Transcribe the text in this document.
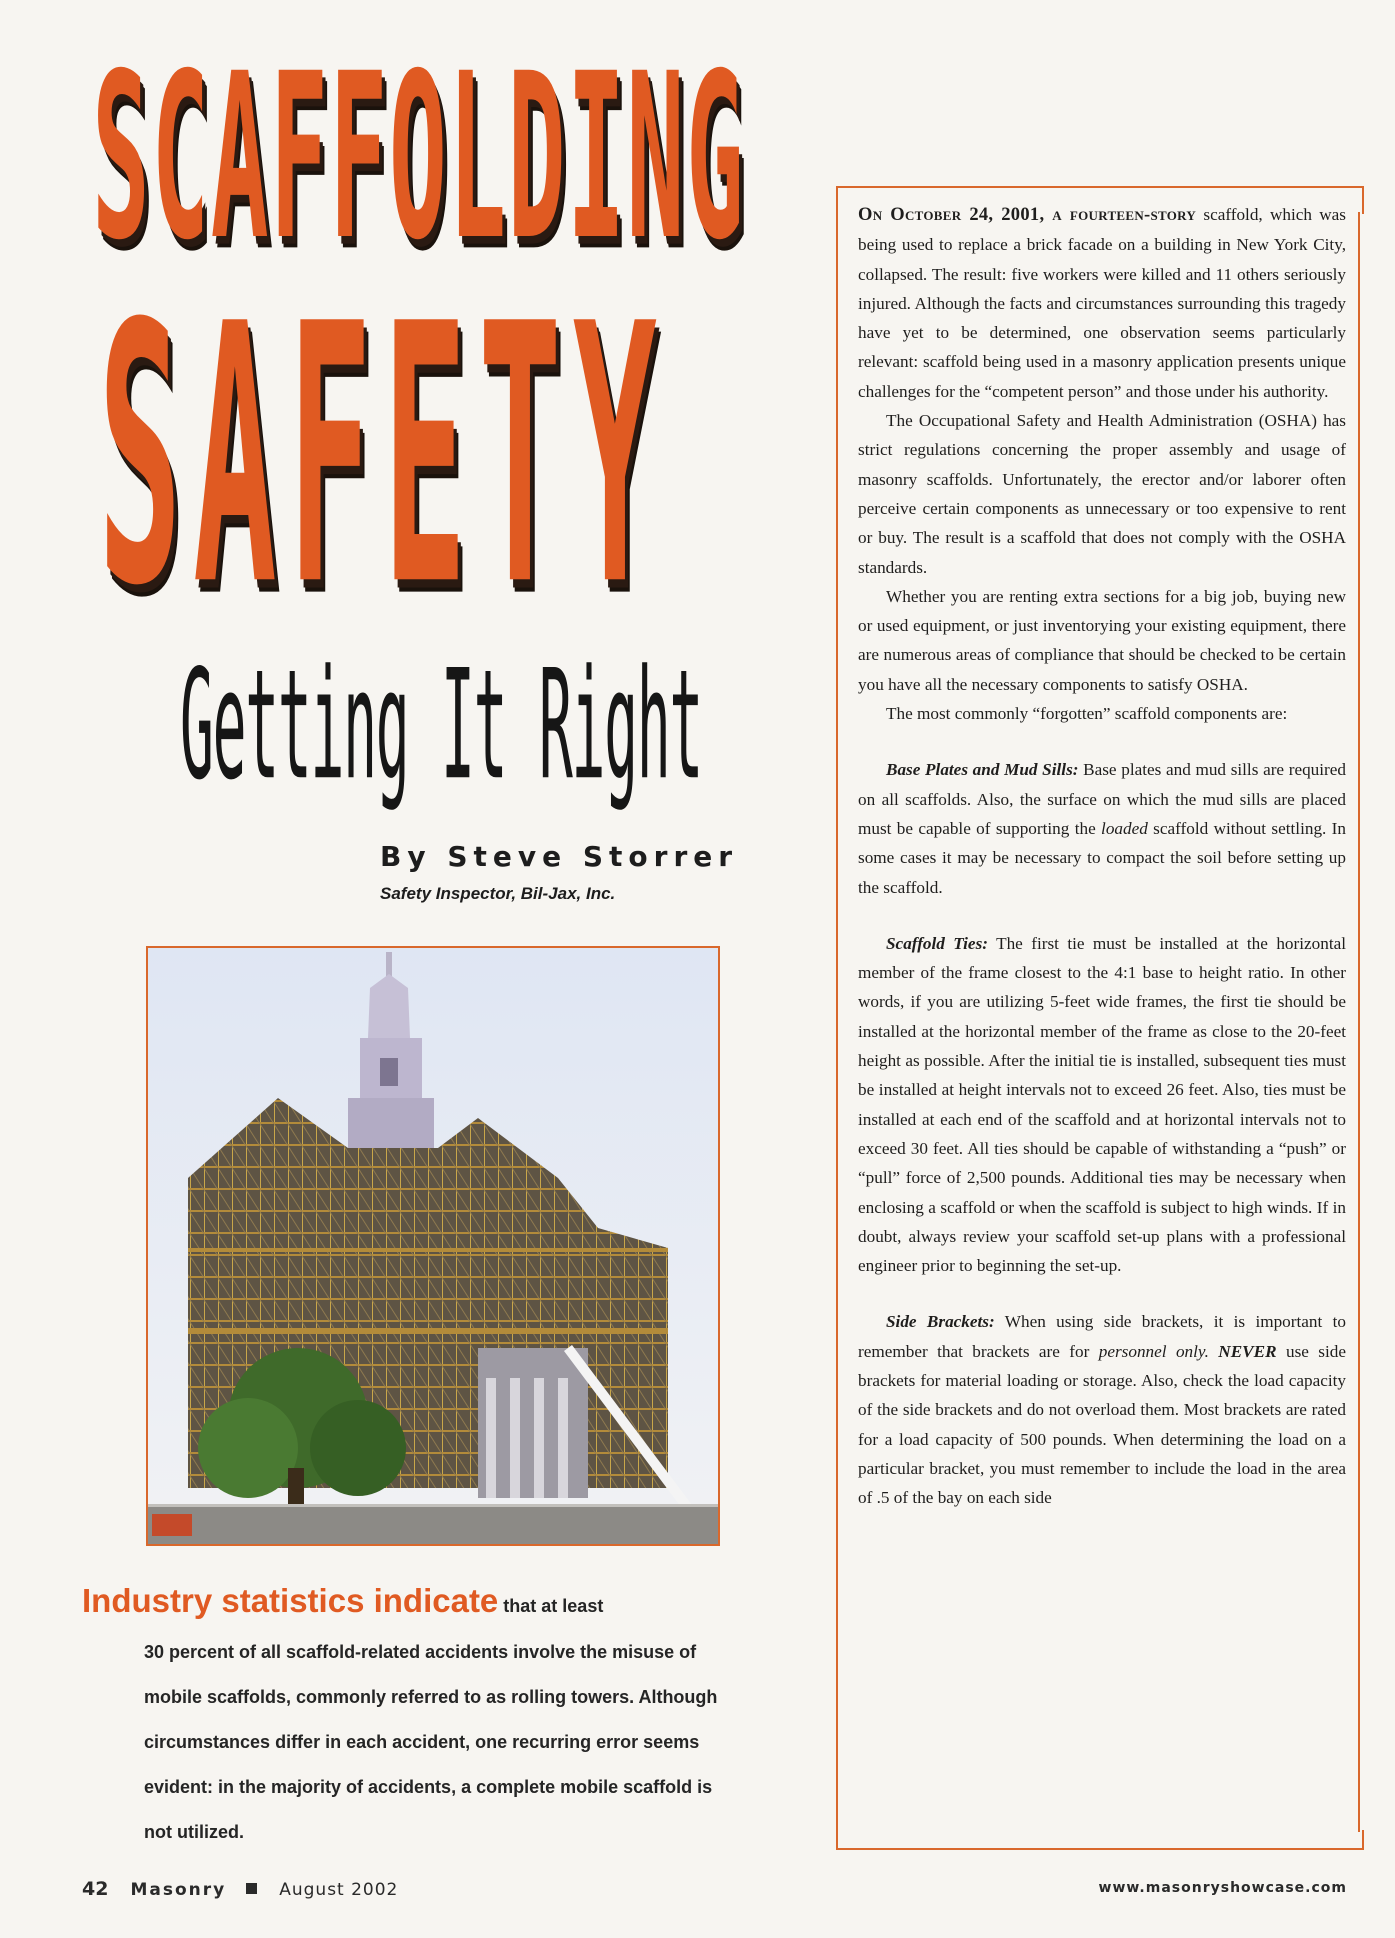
SCAFFOLDING
SAFETY
Getting It Right
By Steve Storrer
Safety Inspector, Bil-Jax, Inc.

Industry statistics indicate that at least

30 percent of all scaffold-related accidents involve the misuse of mobile scaffolds, commonly referred to as rolling towers. Although circumstances differ in each accident, one recurring error seems evident: in the majority of accidents, a complete mobile scaffold is not utilized.

On October 24, 2001, a fourteen-story scaffold, which was being used to replace a brick facade on a building in New York City, collapsed. The result: five workers were killed and 11 others seriously injured. Although the facts and circumstances surrounding this tragedy have yet to be determined, one observation seems particularly relevant: scaffold being used in a masonry application presents unique challenges for the “competent person” and those under his authority.

The Occupational Safety and Health Administration (OSHA) has strict regulations concerning the proper assembly and usage of masonry scaffolds. Unfortunately, the erector and/or laborer often perceive certain components as unnecessary or too expensive to rent or buy. The result is a scaffold that does not comply with the OSHA standards.

Whether you are renting extra sections for a big job, buying new or used equipment, or just inventorying your existing equipment, there are numerous areas of compliance that should be checked to be certain you have all the necessary components to satisfy OSHA.

The most commonly “forgotten” scaffold components are:

Base Plates and Mud Sills: Base plates and mud sills are required on all scaffolds. Also, the surface on which the mud sills are placed must be capable of supporting the loaded scaffold without settling. In some cases it may be necessary to compact the soil before setting up the scaffold.

Scaffold Ties: The first tie must be installed at the horizontal member of the frame closest to the 4:1 base to height ratio. In other words, if you are utilizing 5-feet wide frames, the first tie should be installed at the horizontal member of the frame as close to the 20-feet height as possible. After the initial tie is installed, subsequent ties must be installed at height intervals not to exceed 26 feet. Also, ties must be installed at each end of the scaffold and at horizontal intervals not to exceed 30 feet. All ties should be capable of withstanding a “push” or “pull” force of 2,500 pounds. Additional ties may be necessary when enclosing a scaffold or when the scaffold is subject to high winds. If in doubt, always review your scaffold set-up plans with a professional engineer prior to beginning the set-up.

Side Brackets: When using side brackets, it is important to remember that brackets are for personnel only. NEVER use side brackets for material loading or storage. Also, check the load capacity of the side brackets and do not overload them. Most brackets are rated for a load capacity of 500 pounds. When determining the load on a particular bracket, you must remember to include the load in the area of .5 of the bay on each side

42 Masonry	August 2002	www.masonryshowcase.com
